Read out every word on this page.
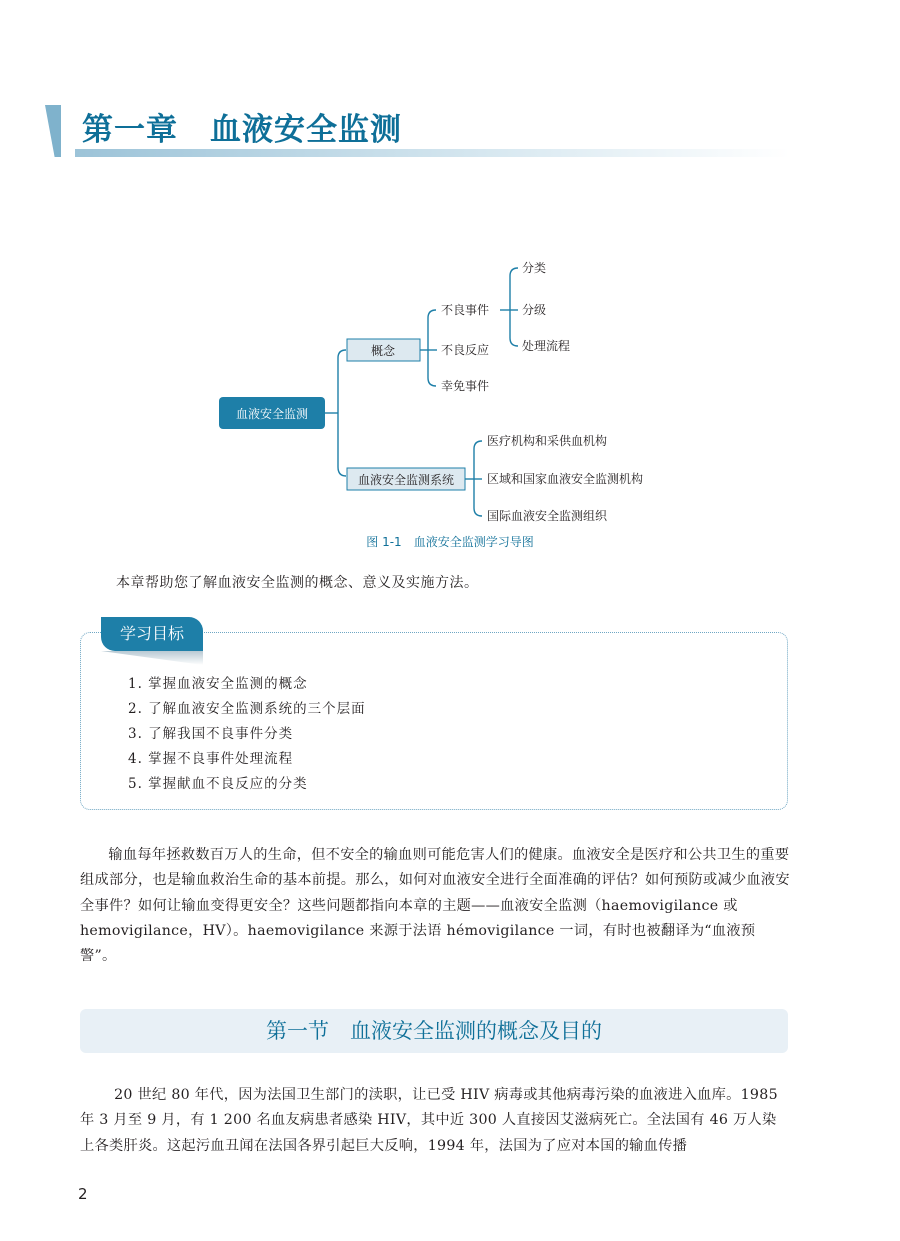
第一章　血液安全监测
血液安全监测
概念
不良事件
不良反应
幸免事件
分类
分级
处理流程
血液安全监测系统
医疗机构和采供血机构
区域和国家血液安全监测机构
国际血液安全监测组织
图 1-1　血液安全监测学习导图

本章帮助您了解血液安全监测的概念、意义及实施方法。

学习目标
1. 掌握血液安全监测的概念
2. 了解血液安全监测系统的三个层面
3. 了解我国不良事件分类
4. 掌握不良事件处理流程
5. 掌握献血不良反应的分类

输血每年拯救数百万人的生命，但不安全的输血则可能危害人们的健康。血液安全是医疗和公共卫生的重要组成部分，也是输血救治生命的基本前提。那么，如何对血液安全进行全面准确的评估？如何预防或减少血液安全事件？如何让输血变得更安全？这些问题都指向本章的主题——血液安全监测（haemovigilance 或 hemovigilance，HV）。haemovigilance 来源于法语 hémovigilance 一词，有时也被翻译为“血液预警”。

第一节　血液安全监测的概念及目的

20 世纪 80 年代，因为法国卫生部门的渎职，让已受 HIV 病毒或其他病毒污染的血液进入血库。1985 年 3 月至 9 月，有 1 200 名血友病患者感染 HIV，其中近 300 人直接因艾滋病死亡。全法国有 46 万人染上各类肝炎。这起污血丑闻在法国各界引起巨大反响，1994 年，法国为了应对本国的输血传播

2
